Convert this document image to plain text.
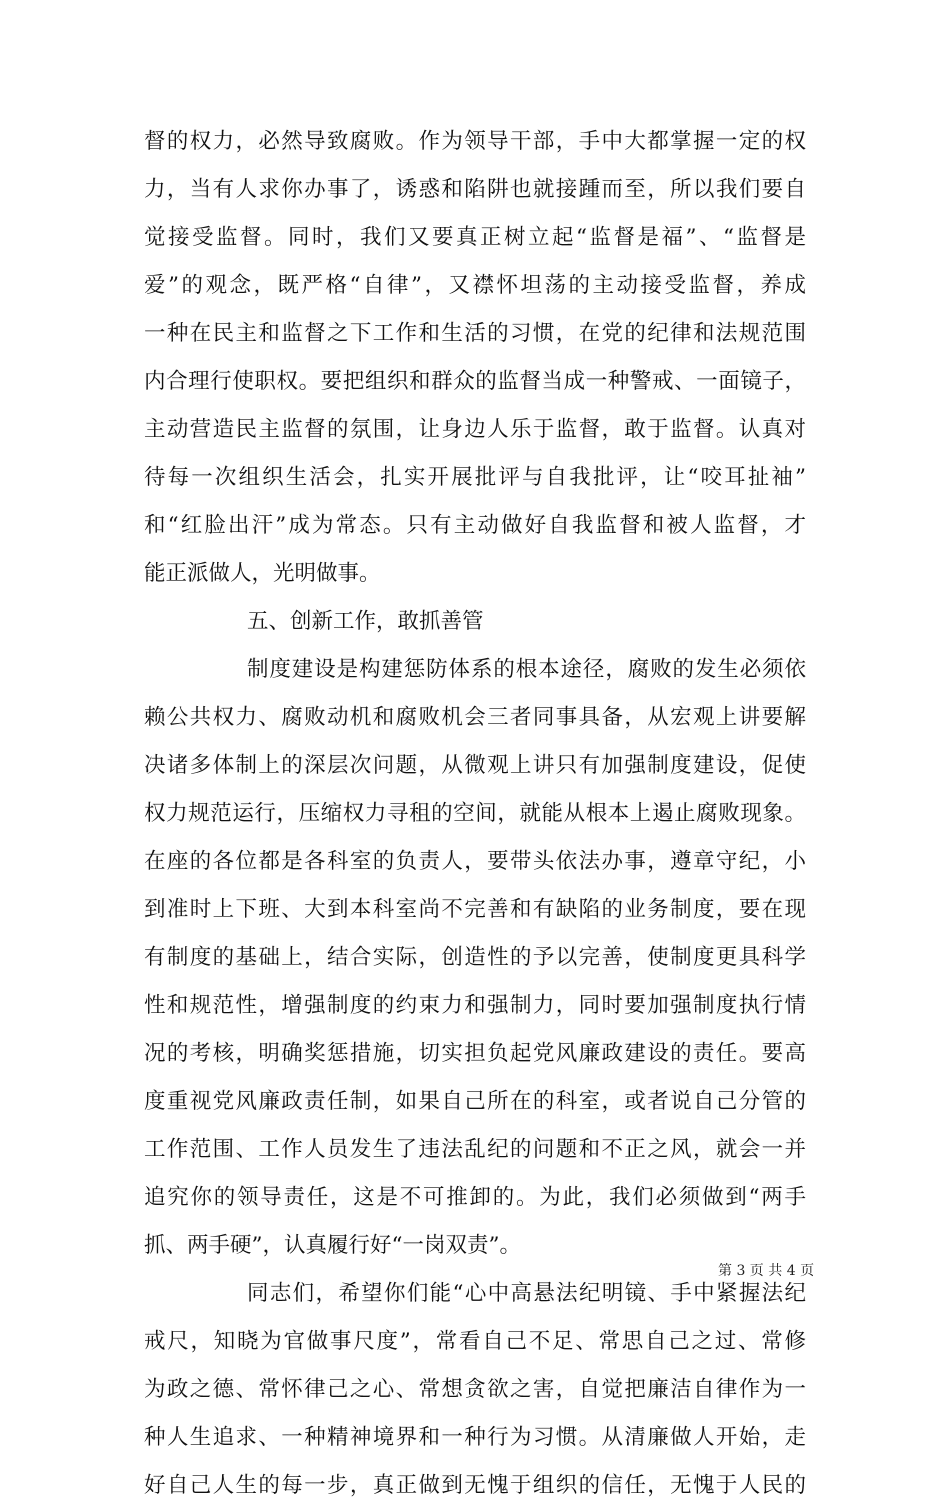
督的权力，必然导致腐败。作为领导干部，手中大都掌握一定的权
力，当有人求你办事了，诱惑和陷阱也就接踵而至，所以我们要自
觉接受监督。同时，我们又要真正树立起“监督是福”、“监督是
爱”的观念，既严格“自律”，又襟怀坦荡的主动接受监督，养成
一种在民主和监督之下工作和生活的习惯，在党的纪律和法规范围
内合理行使职权。要把组织和群众的监督当成一种警戒、一面镜子，
主动营造民主监督的氛围，让身边人乐于监督，敢于监督。认真对
待每一次组织生活会，扎实开展批评与自我批评，让“咬耳扯袖”
和“红脸出汗”成为常态。只有主动做好自我监督和被人监督，才
能正派做人，光明做事。
五、创新工作，敢抓善管
制度建设是构建惩防体系的根本途径，腐败的发生必须依
赖公共权力、腐败动机和腐败机会三者同事具备，从宏观上讲要解
决诸多体制上的深层次问题，从微观上讲只有加强制度建设，促使
权力规范运行，压缩权力寻租的空间，就能从根本上遏止腐败现象。
在座的各位都是各科室的负责人，要带头依法办事，遵章守纪，小
到准时上下班、大到本科室尚不完善和有缺陷的业务制度，要在现
有制度的基础上，结合实际，创造性的予以完善，使制度更具科学
性和规范性，增强制度的约束力和强制力，同时要加强制度执行情
况的考核，明确奖惩措施，切实担负起党风廉政建设的责任。要高
度重视党风廉政责任制，如果自己所在的科室，或者说自己分管的
工作范围、工作人员发生了违法乱纪的问题和不正之风，就会一并
追究你的领导责任，这是不可推卸的。为此，我们必须做到“两手
抓、两手硬”，认真履行好“一岗双责”。
同志们，希望你们能“心中高悬法纪明镜、手中紧握法纪
戒尺，知晓为官做事尺度”，常看自己不足、常思自己之过、常修
为政之德、常怀律己之心、常想贪欲之害，自觉把廉洁自律作为一
种人生追求、一种精神境界和一种行为习惯。从清廉做人开始，走
好自己人生的每一步，真正做到无愧于组织的信任，无愧于人民的
第 3 页 共 4 页
